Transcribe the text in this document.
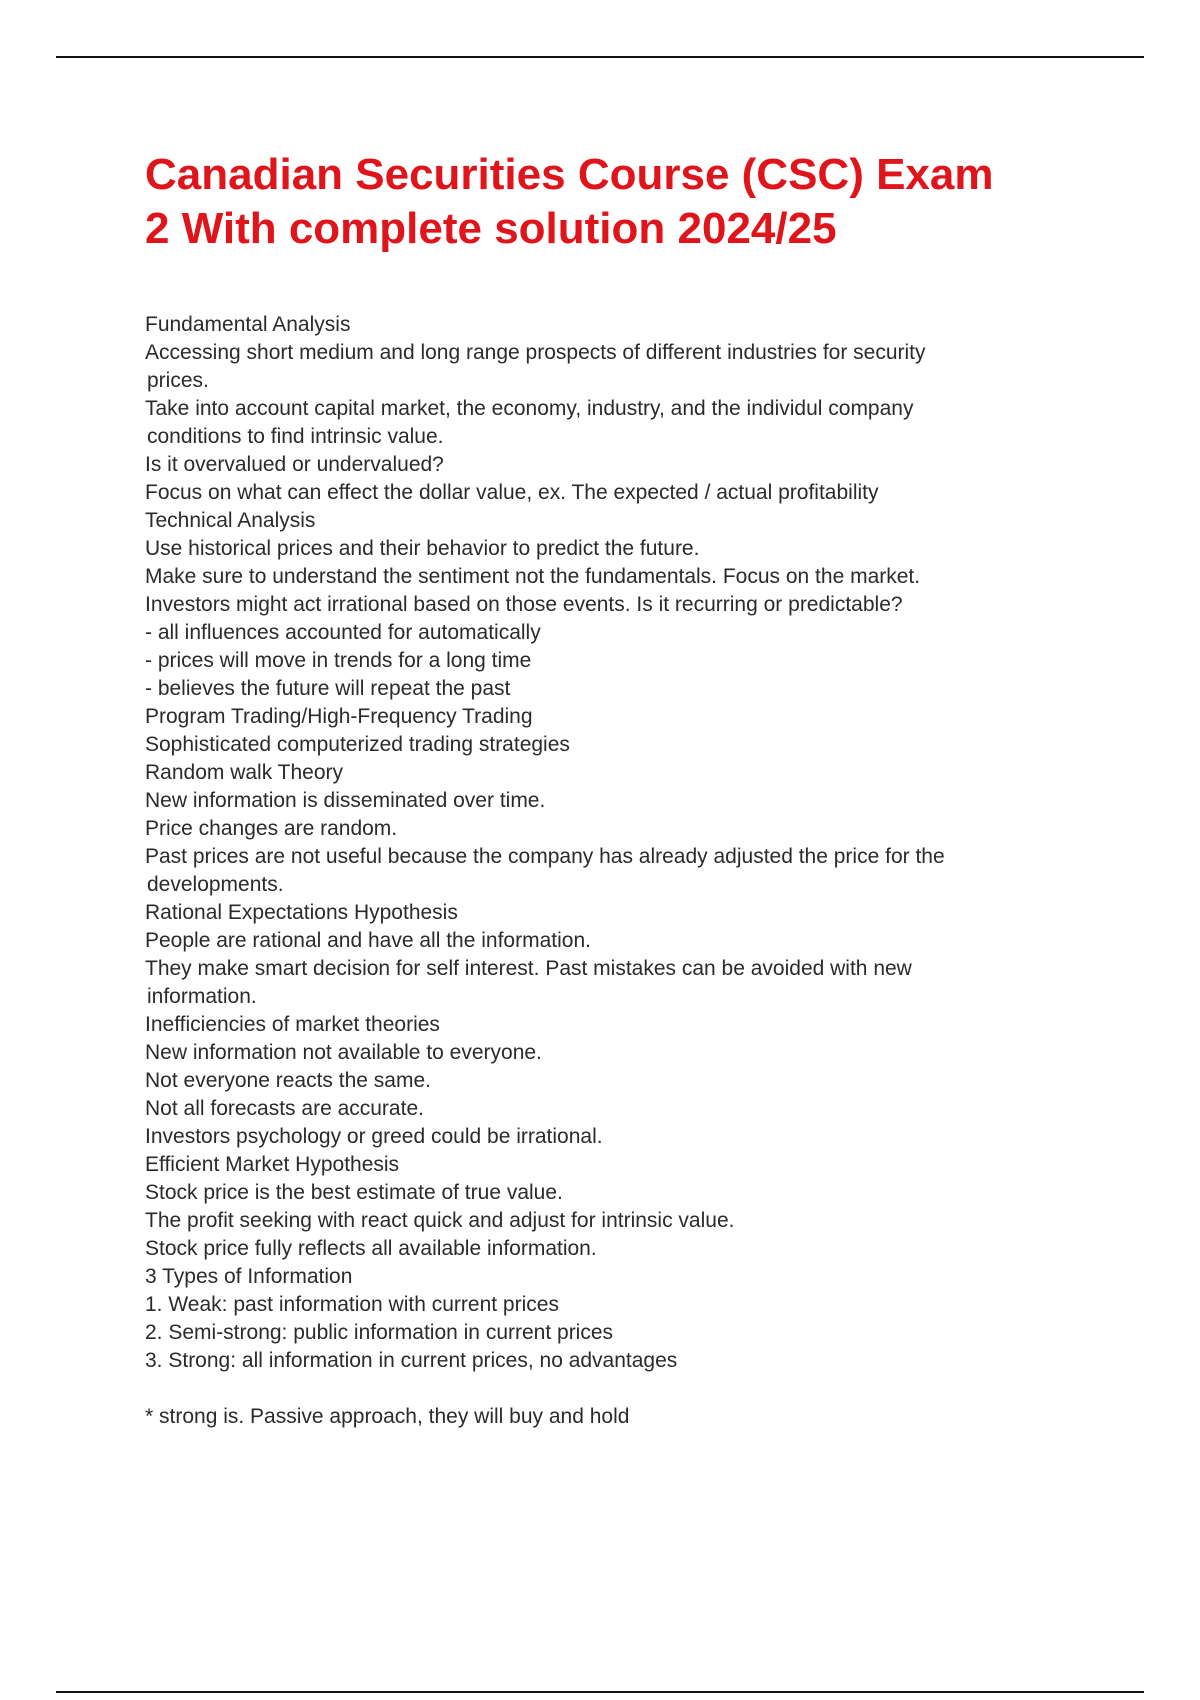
Canadian Securities Course (CSC) Exam
2 With complete solution 2024/25
Fundamental Analysis
Accessing short medium and long range prospects of different industries for security
prices.
Take into account capital market, the economy, industry, and the individul company
conditions to find intrinsic value.
Is it overvalued or undervalued?
Focus on what can effect the dollar value, ex. The expected / actual profitability
Technical Analysis
Use historical prices and their behavior to predict the future.
Make sure to understand the sentiment not the fundamentals. Focus on the market.
Investors might act irrational based on those events. Is it recurring or predictable?
- all influences accounted for automatically
- prices will move in trends for a long time
- believes the future will repeat the past
Program Trading/High-Frequency Trading
Sophisticated computerized trading strategies
Random walk Theory
New information is disseminated over time.
Price changes are random.
Past prices are not useful because the company has already adjusted the price for the
developments.
Rational Expectations Hypothesis
People are rational and have all the information.
They make smart decision for self interest. Past mistakes can be avoided with new
information.
Inefficiencies of market theories
New information not available to everyone.
Not everyone reacts the same.
Not all forecasts are accurate.
Investors psychology or greed could be irrational.
Efficient Market Hypothesis
Stock price is the best estimate of true value.
The profit seeking with react quick and adjust for intrinsic value.
Stock price fully reflects all available information.
3 Types of Information
1. Weak: past information with current prices
2. Semi-strong: public information in current prices
3. Strong: all information in current prices, no advantages
* strong is. Passive approach, they will buy and hold
